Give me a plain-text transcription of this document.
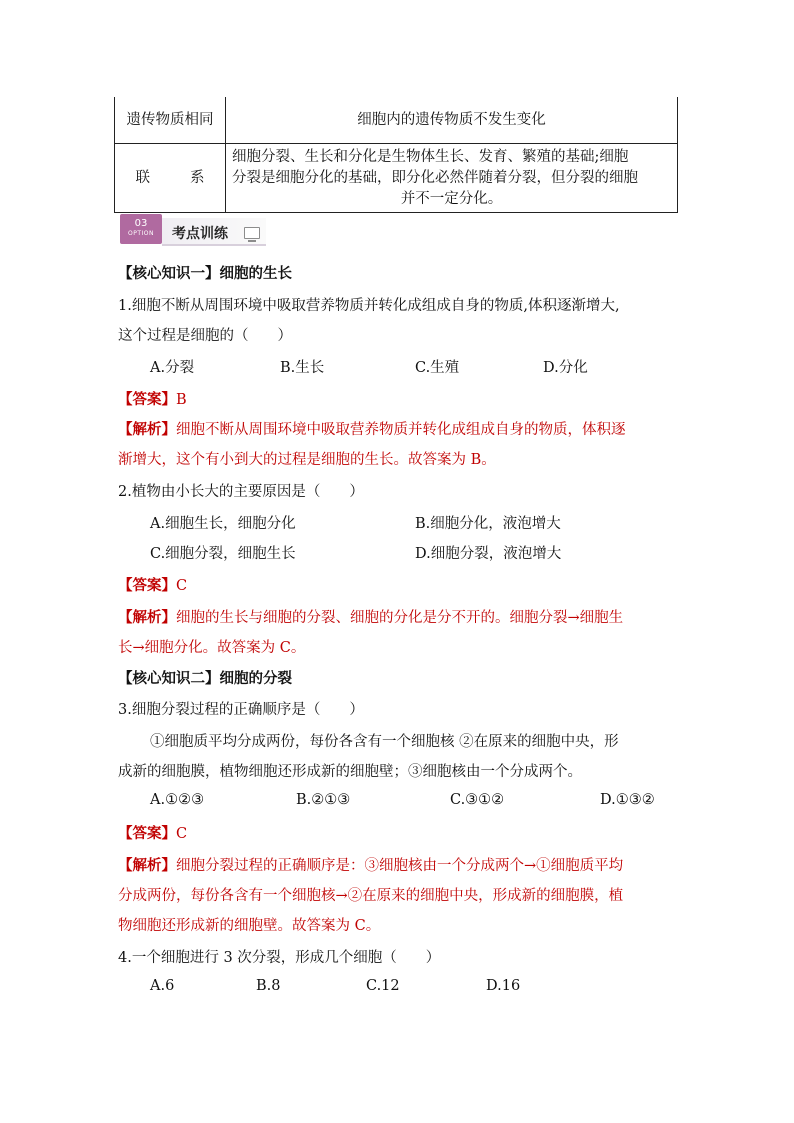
遗传物质相同	细胞内的遗传物质不发生变化
联 系	细胞分裂、生长和分化是生物体生长、发育、繁殖的基础;细胞
分裂是细胞分化的基础，即分化必然伴随着分裂，但分裂的细胞
并不一定分化。
03
OPTION	考点训练
【核心知识一】细胞的生长
1.细胞不断从周围环境中吸取营养物质并转化成组成自身的物质,体积逐渐增大,
这个过程是细胞的（　　）
A.分裂	B.生长	C.生殖	D.分化
【答案】B
【解析】细胞不断从周围环境中吸取营养物质并转化成组成自身的物质，体积逐
渐增大，这个有小到大的过程是细胞的生长。故答案为 B。
2.植物由小长大的主要原因是（　　）
A.细胞生长，细胞分化	B.细胞分化，液泡增大
C.细胞分裂，细胞生长	D.细胞分裂，液泡增大
【答案】C
【解析】细胞的生长与细胞的分裂、细胞的分化是分不开的。细胞分裂→细胞生
长→细胞分化。故答案为 C。
【核心知识二】细胞的分裂
3.细胞分裂过程的正确顺序是（　　）
①细胞质平均分成两份，每份各含有一个细胞核 ②在原来的细胞中央，形
成新的细胞膜，植物细胞还形成新的细胞壁；③细胞核由一个分成两个。
A.①②③	B.②①③	C.③①②	D.①③②
【答案】C
【解析】细胞分裂过程的正确顺序是：③细胞核由一个分成两个→①细胞质平均
分成两份，每份各含有一个细胞核→②在原来的细胞中央，形成新的细胞膜，植
物细胞还形成新的细胞壁。故答案为 C。
4.一个细胞进行 3 次分裂，形成几个细胞（　　）
A.6	B.8	C.12	D.16
